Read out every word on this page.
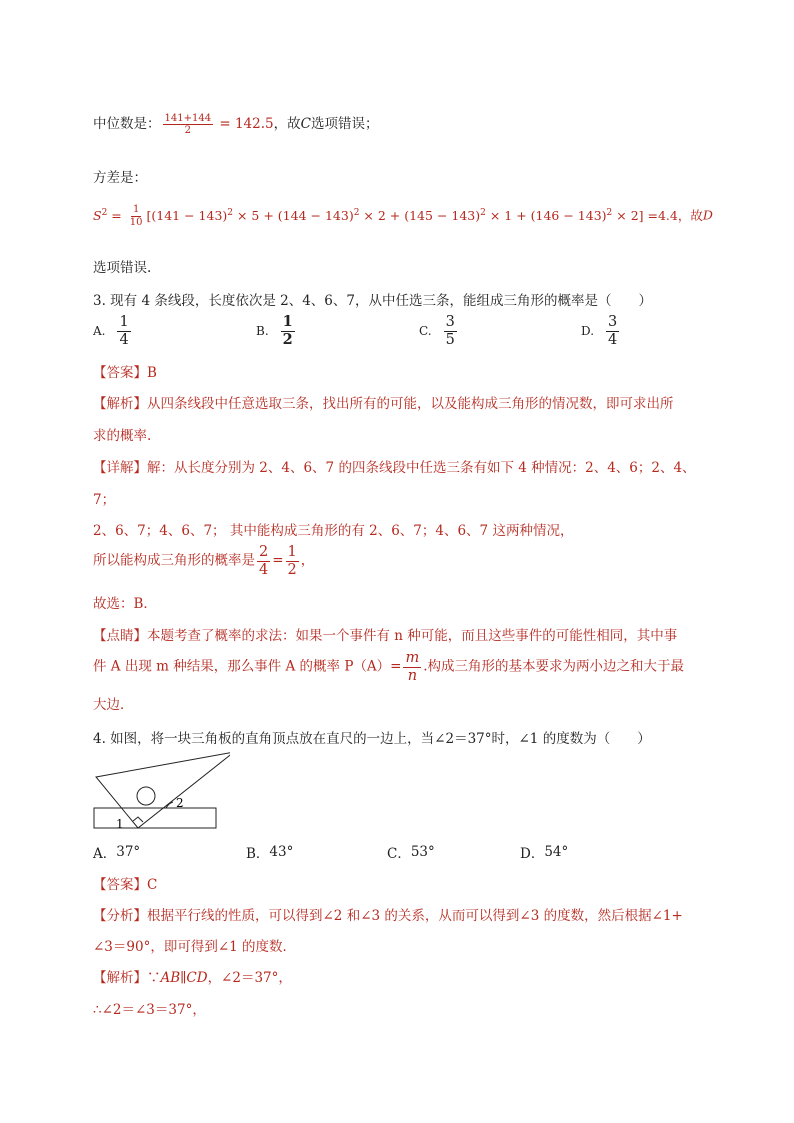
中位数是： $\frac{141+144}{2} = 142.5$，故C选项错误；
方差是：
$S^2 = \frac{1}{10} [(141 - 143)^2 \times 5 + (144 - 143)^2 \times 2 + (145 - 143)^2 \times 1 + (146 - 143)^2 \times 2] =4.4$，故D
选项错误.
3. 现有 4 条线段，长度依次是 2、4、6、7，从中任选三条，能组成三角形的概率是（　　）
A. $\frac{1}{4}$	B. $\frac{1}{2}$	C. $\frac{3}{5}$	D. $\frac{3}{4}$
【答案】B
【解析】从四条线段中任意选取三条，找出所有的可能，以及能构成三角形的情况数，即可求出所
求的概率.
【详解】解：从长度分别为 2、4、6、7 的四条线段中任选三条有如下 4 种情况：2、4、6；2、4、
7；
2、6、7；4、6、7； 其中能构成三角形的有 2、6、7；4、6、7 这两种情况，
所以能构成三角形的概率是 $\frac{2}{4} = \frac{1}{2}$ ，
故选：B．
【点睛】本题考查了概率的求法：如果一个事件有 n 种可能，而且这些事件的可能性相同，其中事
件 A 出现 m 种结果，那么事件 A 的概率 $P(A)= \frac{m}{n}$ .构成三角形的基本要求为两小边之和大于最
大边．
4. 如图，将一块三角板的直角顶点放在直尺的一边上，当∠2＝37°时，∠1 的度数为（　　）
1
2
A． 37°	B． 43°	C． 53°	D． 54°
【答案】C
【分析】根据平行线的性质，可以得到∠2 和∠3 的关系，从而可以得到∠3 的度数，然后根据∠1+
∠3＝90°，即可得到∠1 的度数．
【解析】∵AB∥CD，∠2＝37°，
∴∠2＝∠3＝37°，
